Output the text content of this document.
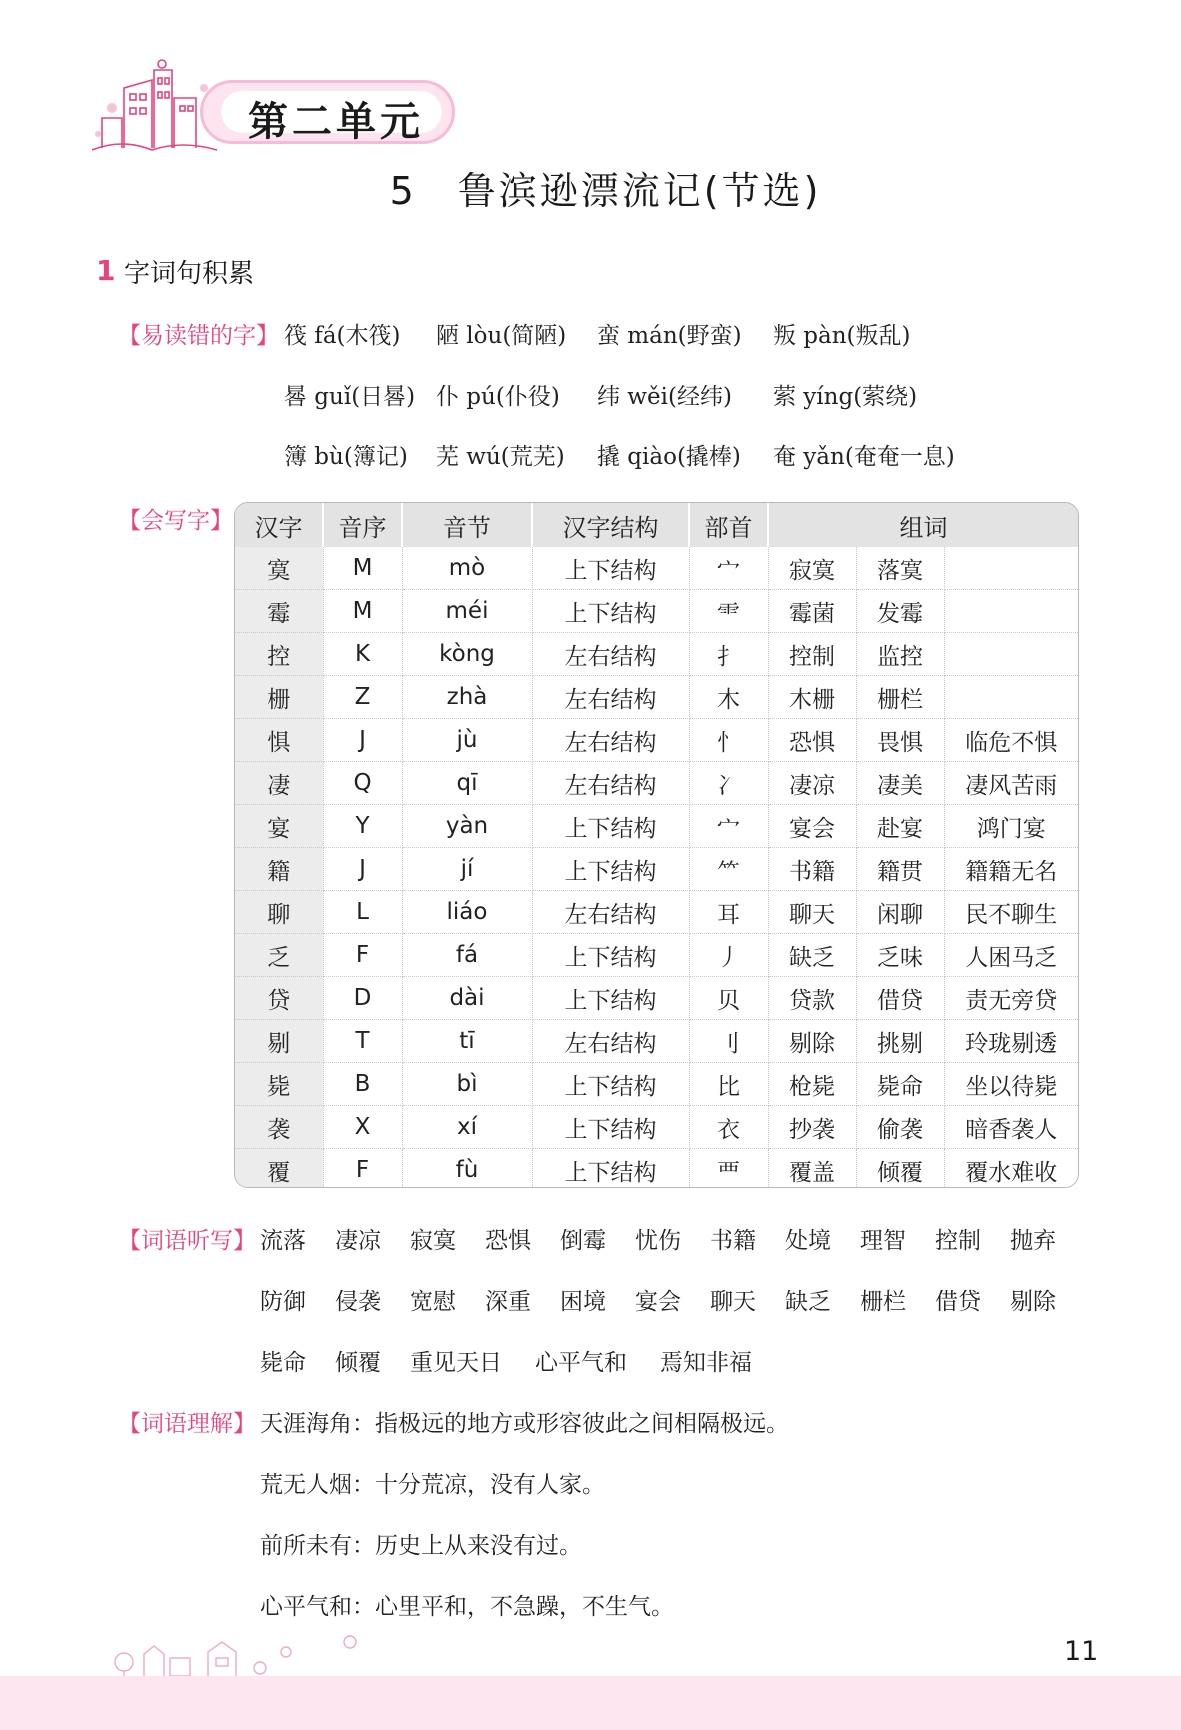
第二单元
5　鲁滨逊漂流记(节选)
1 字词句积累
【易读错的字】 筏 fá(木筏) 陋 lòu(简陋) 蛮 mán(野蛮) 叛 pàn(叛乱)
晷 guǐ(日晷) 仆 pú(仆役) 纬 wěi(经纬) 萦 yíng(萦绕)
簿 bù(簿记) 芜 wú(荒芜) 撬 qiào(撬棒) 奄 yǎn(奄奄一息)
【会写字】 汉字	音序	音节	汉字结构	部首	组词		
寞	M	mò	上下结构	宀	寂寞	落寞	
霉	M	méi	上下结构	⻗	霉菌	发霉	
控	K	kòng	左右结构	扌	控制	监控	
栅	Z	zhà	左右结构	木	木栅	栅栏	
惧	J	jù	左右结构	忄	恐惧	畏惧	临危不惧
凄	Q	qī	左右结构	冫	凄凉	凄美	凄风苦雨
宴	Y	yàn	上下结构	宀	宴会	赴宴	鸿门宴
籍	J	jí	上下结构	⺮	书籍	籍贯	籍籍无名
聊	L	liáo	左右结构	耳	聊天	闲聊	民不聊生
乏	F	fá	上下结构	丿	缺乏	乏味	人困马乏
贷	D	dài	上下结构	贝	贷款	借贷	责无旁贷
剔	T	tī	左右结构	刂	剔除	挑剔	玲珑剔透
毙	B	bì	上下结构	比	枪毙	毙命	坐以待毙
袭	X	xí	上下结构	衣	抄袭	偷袭	暗香袭人
覆	F	fù	上下结构	覀	覆盖	倾覆	覆水难收
【词语听写】 流落 凄凉 寂寞 恐惧 倒霉 忧伤 书籍 处境 理智 控制 抛弃
防御 侵袭 宽慰 深重 困境 宴会 聊天 缺乏 栅栏 借贷 剔除
毙命 倾覆 重见天日 心平气和 焉知非福
【词语理解】 天涯海角：指极远的地方或形容彼此之间相隔极远。
荒无人烟：十分荒凉，没有人家。
前所未有：历史上从来没有过。
心平气和：心里平和，不急躁，不生气。
11
